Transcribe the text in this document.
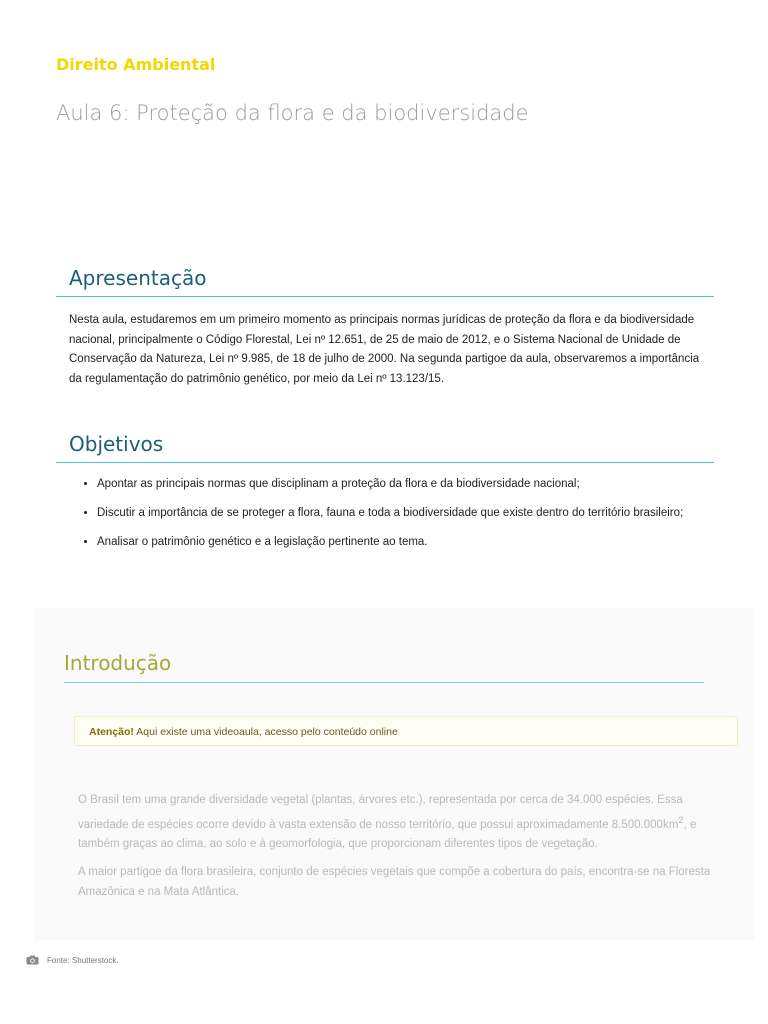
Direito Ambiental
Aula 6: Proteção da flora e da biodiversidade
Apresentação

Nesta aula, estudaremos em um primeiro momento as principais normas jurídicas de proteção da flora e da biodiversidade nacional, principalmente o Código Florestal, Lei nº 12.651, de 25 de maio de 2012, e o Sistema Nacional de Unidade de Conservação da Natureza, Lei nº 9.985, de 18 de julho de 2000. Na segunda partigoe da aula, observaremos a importância da regulamentação do patrimônio genético, por meio da Lei nº 13.123/15.

Objetivos
• Apontar as principais normas que disciplinam a proteção da flora e da biodiversidade nacional;
• Discutir a importância de se proteger a flora, fauna e toda a biodiversidade que existe dentro do território brasileiro;
• Analisar o patrimônio genético e a legislação pertinente ao tema.
Introdução
Atenção! Aqui existe uma videoaula, acesso pelo conteúdo online

O Brasil tem uma grande diversidade vegetal (plantas, árvores etc.), representada por cerca de 34.000 espécies. Essa variedade de espécies ocorre devido à vasta extensão de nosso território, que possui aproximadamente $8.500.000km^2$, e também graças ao clima, ao solo e à geomorfologia, que proporcionam diferentes tipos de vegetação.

A maior partigoe da flora brasileira, conjunto de espécies vegetais que compõe a cobertura do país, encontra-se na Floresta Amazônica e na Mata Atlântica.

Fonte: Shutterstock.
